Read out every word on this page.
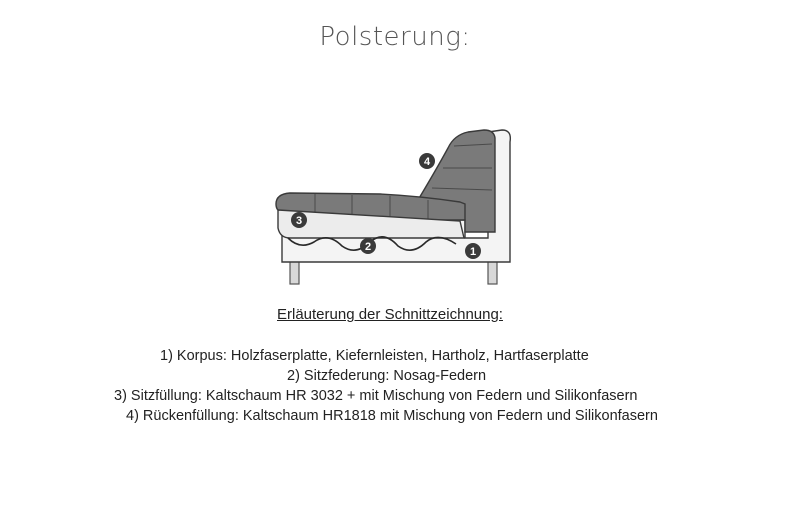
Polsterung:
1
2
3
4
Erläuterung der Schnittzeichnung:
1) Korpus: Holzfaserplatte, Kiefernleisten, Hartholz, Hartfaserplatte
2) Sitzfederung: Nosag-Federn
3) Sitzfüllung: Kaltschaum HR 3032 + mit Mischung von Federn und Silikonfasern
4) Rückenfüllung: Kaltschaum HR1818 mit Mischung von Federn und Silikonfasern
